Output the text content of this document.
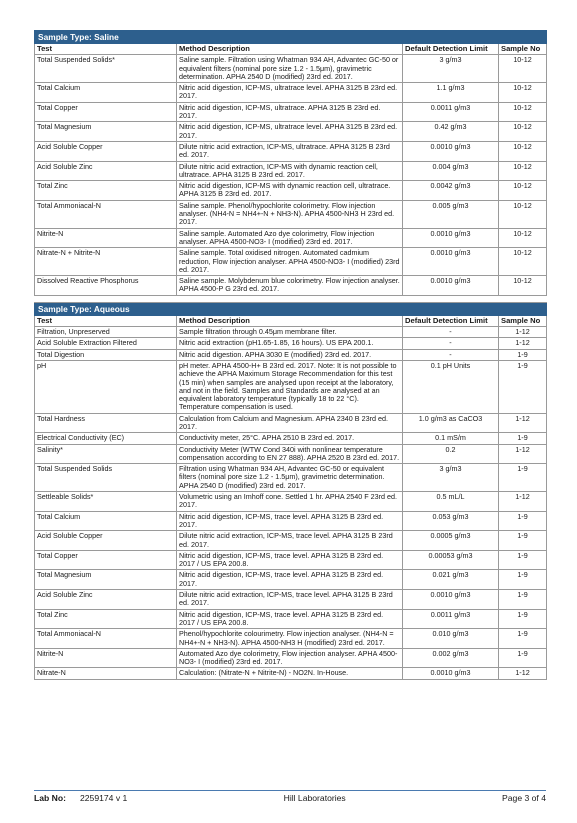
Sample Type: Saline			
Test	Method Description	Default Detection Limit	Sample No
Total Suspended Solids*	Saline sample. Filtration using Whatman 934 AH, Advantec GC-50 or equivalent filters (nominal pore size 1.2 - 1.5μm), gravimetric determination. APHA 2540 D (modified) 23rd ed. 2017.	3 g/m3	10-12
Total Calcium	Nitric acid digestion, ICP-MS, ultratrace level. APHA 3125 B 23rd ed. 2017.	1.1 g/m3	10-12
Total Copper	Nitric acid digestion, ICP-MS, ultratrace. APHA 3125 B 23rd ed. 2017.	0.0011 g/m3	10-12
Total Magnesium	Nitric acid digestion, ICP-MS, ultratrace level. APHA 3125 B 23rd ed. 2017.	0.42 g/m3	10-12
Acid Soluble Copper	Dilute nitric acid extraction, ICP-MS, ultratrace. APHA 3125 B 23rd ed. 2017.	0.0010 g/m3	10-12
Acid Soluble Zinc	Dilute nitric acid extraction, ICP-MS with dynamic reaction cell, ultratrace. APHA 3125 B 23rd ed. 2017.	0.004 g/m3	10-12
Total Zinc	Nitric acid digestion, ICP-MS with dynamic reaction cell, ultratrace. APHA 3125 B 23rd ed. 2017.	0.0042 g/m3	10-12
Total Ammoniacal-N	Saline sample. Phenol/hypochlorite colorimetry. Flow injection analyser. (NH4-N = NH4+-N + NH3-N). APHA 4500-NH3 H 23rd ed. 2017.	0.005 g/m3	10-12
Nitrite-N	Saline sample. Automated Azo dye colorimetry, Flow injection analyser. APHA 4500-NO3- I (modified) 23rd ed. 2017.	0.0010 g/m3	10-12
Nitrate-N + Nitrite-N	Saline sample. Total oxidised nitrogen. Automated cadmium reduction, Flow injection analyser. APHA 4500-NO3- I (modified) 23rd ed. 2017.	0.0010 g/m3	10-12
Dissolved Reactive Phosphorus	Saline sample. Molybdenum blue colorimetry. Flow injection analyser. APHA 4500-P G 23rd ed. 2017.	0.0010 g/m3	10-12

Sample Type: Aqueous			
Test	Method Description	Default Detection Limit	Sample No
Filtration, Unpreserved	Sample filtration through 0.45μm membrane filter.	-	1-12
Acid Soluble Extraction Filtered	Nitric acid extraction (pH1.65-1.85, 16 hours). US EPA 200.1.	-	1-12
Total Digestion	Nitric acid digestion. APHA 3030 E (modified) 23rd ed. 2017.	-	1-9
pH	pH meter. APHA 4500-H+ B 23rd ed. 2017. Note: It is not possible to achieve the APHA Maximum Storage Recommendation for this test (15 min) when samples are analysed upon receipt at the laboratory, and not in the field. Samples and Standards are analysed at an equivalent laboratory temperature (typically 18 to 22 °C). Temperature compensation is used.	0.1 pH Units	1-9
Total Hardness	Calculation from Calcium and Magnesium. APHA 2340 B 23rd ed. 2017.	1.0 g/m3 as CaCO3	1-12
Electrical Conductivity (EC)	Conductivity meter, 25°C. APHA 2510 B 23rd ed. 2017.	0.1 mS/m	1-9
Salinity*	Conductivity Meter (WTW Cond 340i with nonlinear temperature compensation according to EN 27 888). APHA 2520 B 23rd ed. 2017.	0.2	1-12
Total Suspended Solids	Filtration using Whatman 934 AH, Advantec GC-50 or equivalent filters (nominal pore size 1.2 - 1.5μm), gravimetric determination. APHA 2540 D (modified) 23rd ed. 2017.	3 g/m3	1-9
Settleable Solids*	Volumetric using an Imhoff cone. Settled 1 hr. APHA 2540 F 23rd ed. 2017.	0.5 mL/L	1-12
Total Calcium	Nitric acid digestion, ICP-MS, trace level. APHA 3125 B 23rd ed. 2017.	0.053 g/m3	1-9
Acid Soluble Copper	Dilute nitric acid extraction, ICP-MS, trace level. APHA 3125 B 23rd ed. 2017.	0.0005 g/m3	1-9
Total Copper	Nitric acid digestion, ICP-MS, trace level. APHA 3125 B 23rd ed. 2017 / US EPA 200.8.	0.00053 g/m3	1-9
Total Magnesium	Nitric acid digestion, ICP-MS, trace level. APHA 3125 B 23rd ed. 2017.	0.021 g/m3	1-9
Acid Soluble Zinc	Dilute nitric acid extraction, ICP-MS, trace level. APHA 3125 B 23rd ed. 2017.	0.0010 g/m3	1-9
Total Zinc	Nitric acid digestion, ICP-MS, trace level. APHA 3125 B 23rd ed. 2017 / US EPA 200.8.	0.0011 g/m3	1-9
Total Ammoniacal-N	Phenol/hypochlorite colourimetry. Flow injection analyser. (NH4-N = NH4+-N + NH3-N). APHA 4500-NH3 H (modified) 23rd ed. 2017.	0.010 g/m3	1-9
Nitrite-N	Automated Azo dye colorimetry, Flow injection analyser. APHA 4500-NO3- I (modified) 23rd ed. 2017.	0.002 g/m3	1-9
Nitrate-N	Calculation: (Nitrate-N + Nitrite-N) - NO2N. In-House.	0.0010 g/m3	1-12
Lab No: 2259174 v 1	Hill Laboratories	Page 3 of 4
